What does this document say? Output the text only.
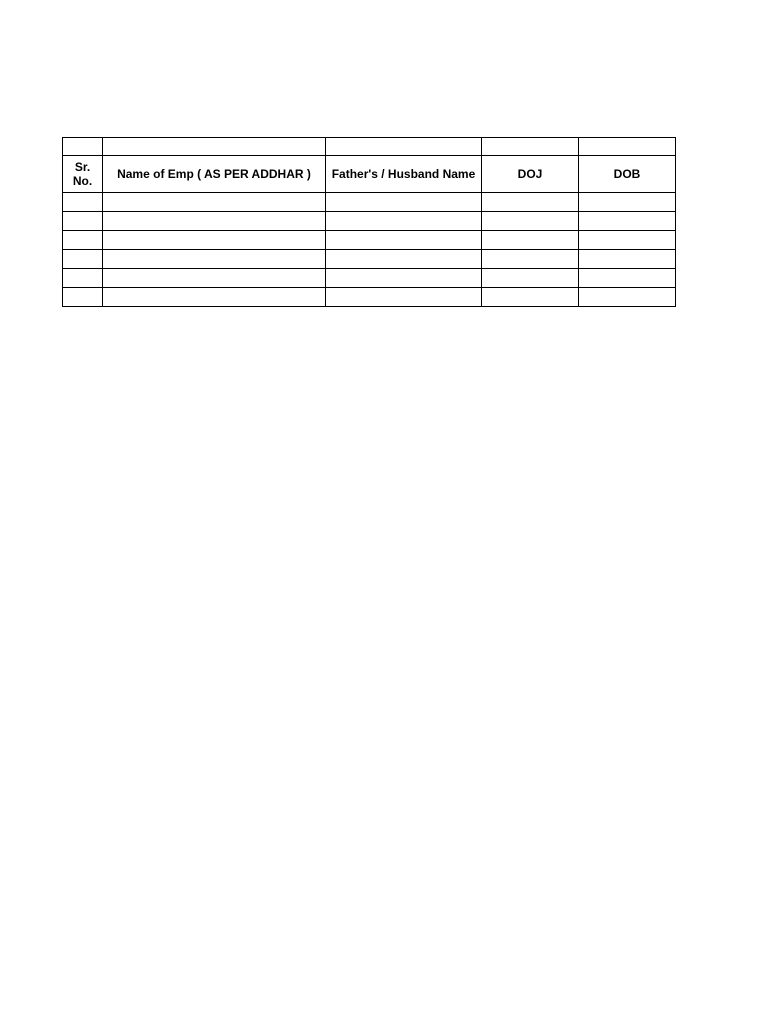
Sr.
No.	Name of Emp ( AS PER ADDHAR )	Father's / Husband Name	DOJ	DOB
